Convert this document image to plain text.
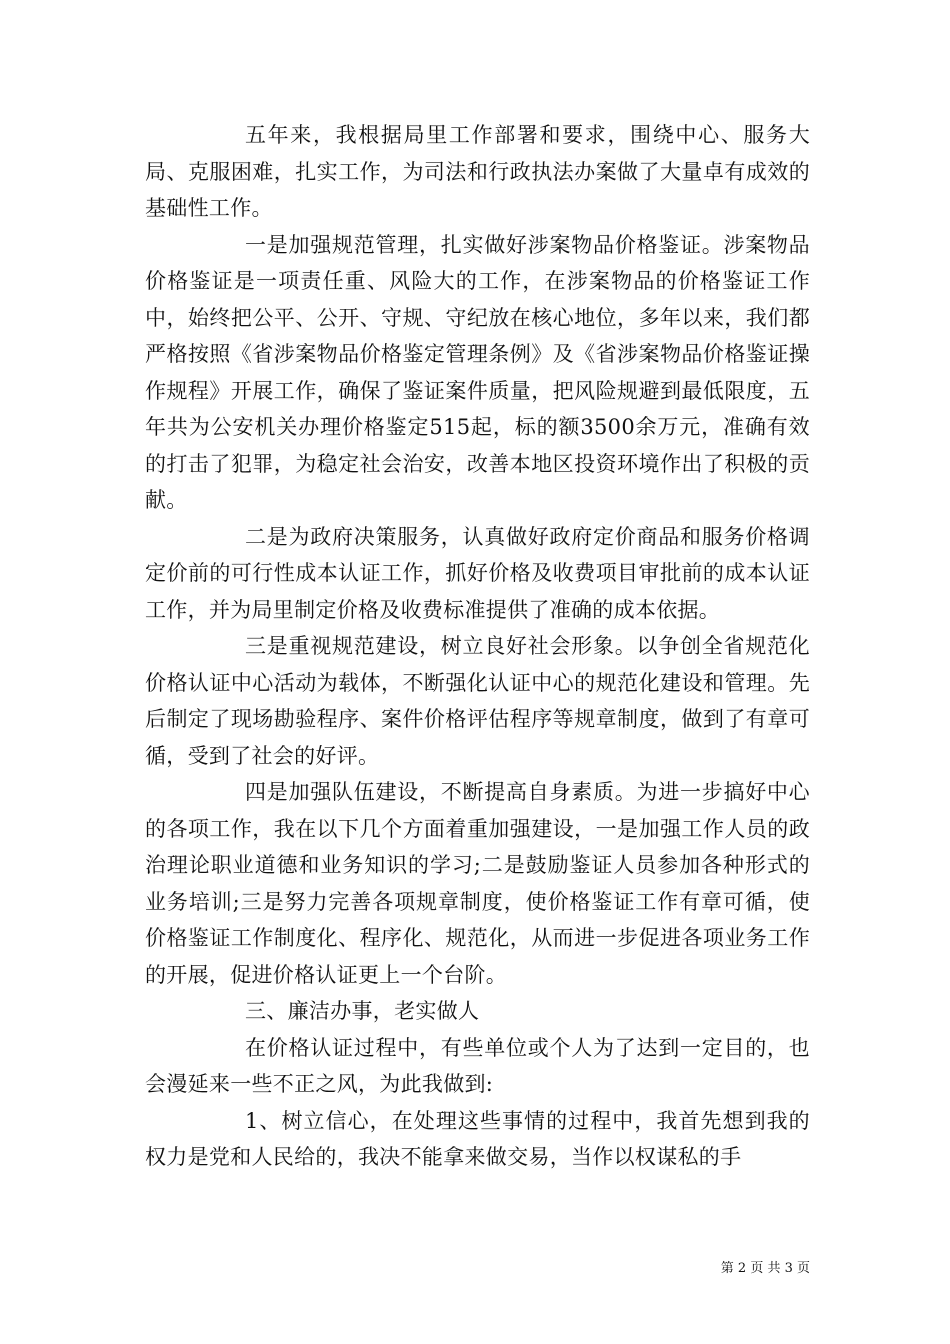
五年来，我根据局里工作部署和要求，围绕中心、服务大局、克服困难，扎实工作，为司法和行政执法办案做了大量卓有成效的基础性工作。

一是加强规范管理，扎实做好涉案物品价格鉴证。涉案物品价格鉴证是一项责任重、风险大的工作，在涉案物品的价格鉴证工作中，始终把公平、公开、守规、守纪放在核心地位，多年以来，我们都严格按照《省涉案物品价格鉴定管理条例》及《省涉案物品价格鉴证操作规程》开展工作，确保了鉴证案件质量，把风险规避到最低限度，五年共为公安机关办理价格鉴定515起，标的额3500余万元，准确有效的打击了犯罪，为稳定社会治安，改善本地区投资环境作出了积极的贡献。

二是为政府决策服务，认真做好政府定价商品和服务价格调定价前的可行性成本认证工作，抓好价格及收费项目审批前的成本认证工作，并为局里制定价格及收费标准提供了准确的成本依据。

三是重视规范建设，树立良好社会形象。以争创全省规范化价格认证中心活动为载体，不断强化认证中心的规范化建设和管理。先后制定了现场勘验程序、案件价格评估程序等规章制度，做到了有章可循，受到了社会的好评。

四是加强队伍建设，不断提高自身素质。为进一步搞好中心的各项工作，我在以下几个方面着重加强建设，一是加强工作人员的政治理论职业道德和业务知识的学习;二是鼓励鉴证人员参加各种形式的业务培训;三是努力完善各项规章制度，使价格鉴证工作有章可循，使价格鉴证工作制度化、程序化、规范化，从而进一步促进各项业务工作的开展，促进价格认证更上一个台阶。

三、廉洁办事，老实做人

在价格认证过程中，有些单位或个人为了达到一定目的，也会漫延来一些不正之风，为此我做到:

1、树立信心，在处理这些事情的过程中，我首先想到我的权力是党和人民给的，我决不能拿来做交易，当作以权谋私的手

第 2 页 共 3 页
